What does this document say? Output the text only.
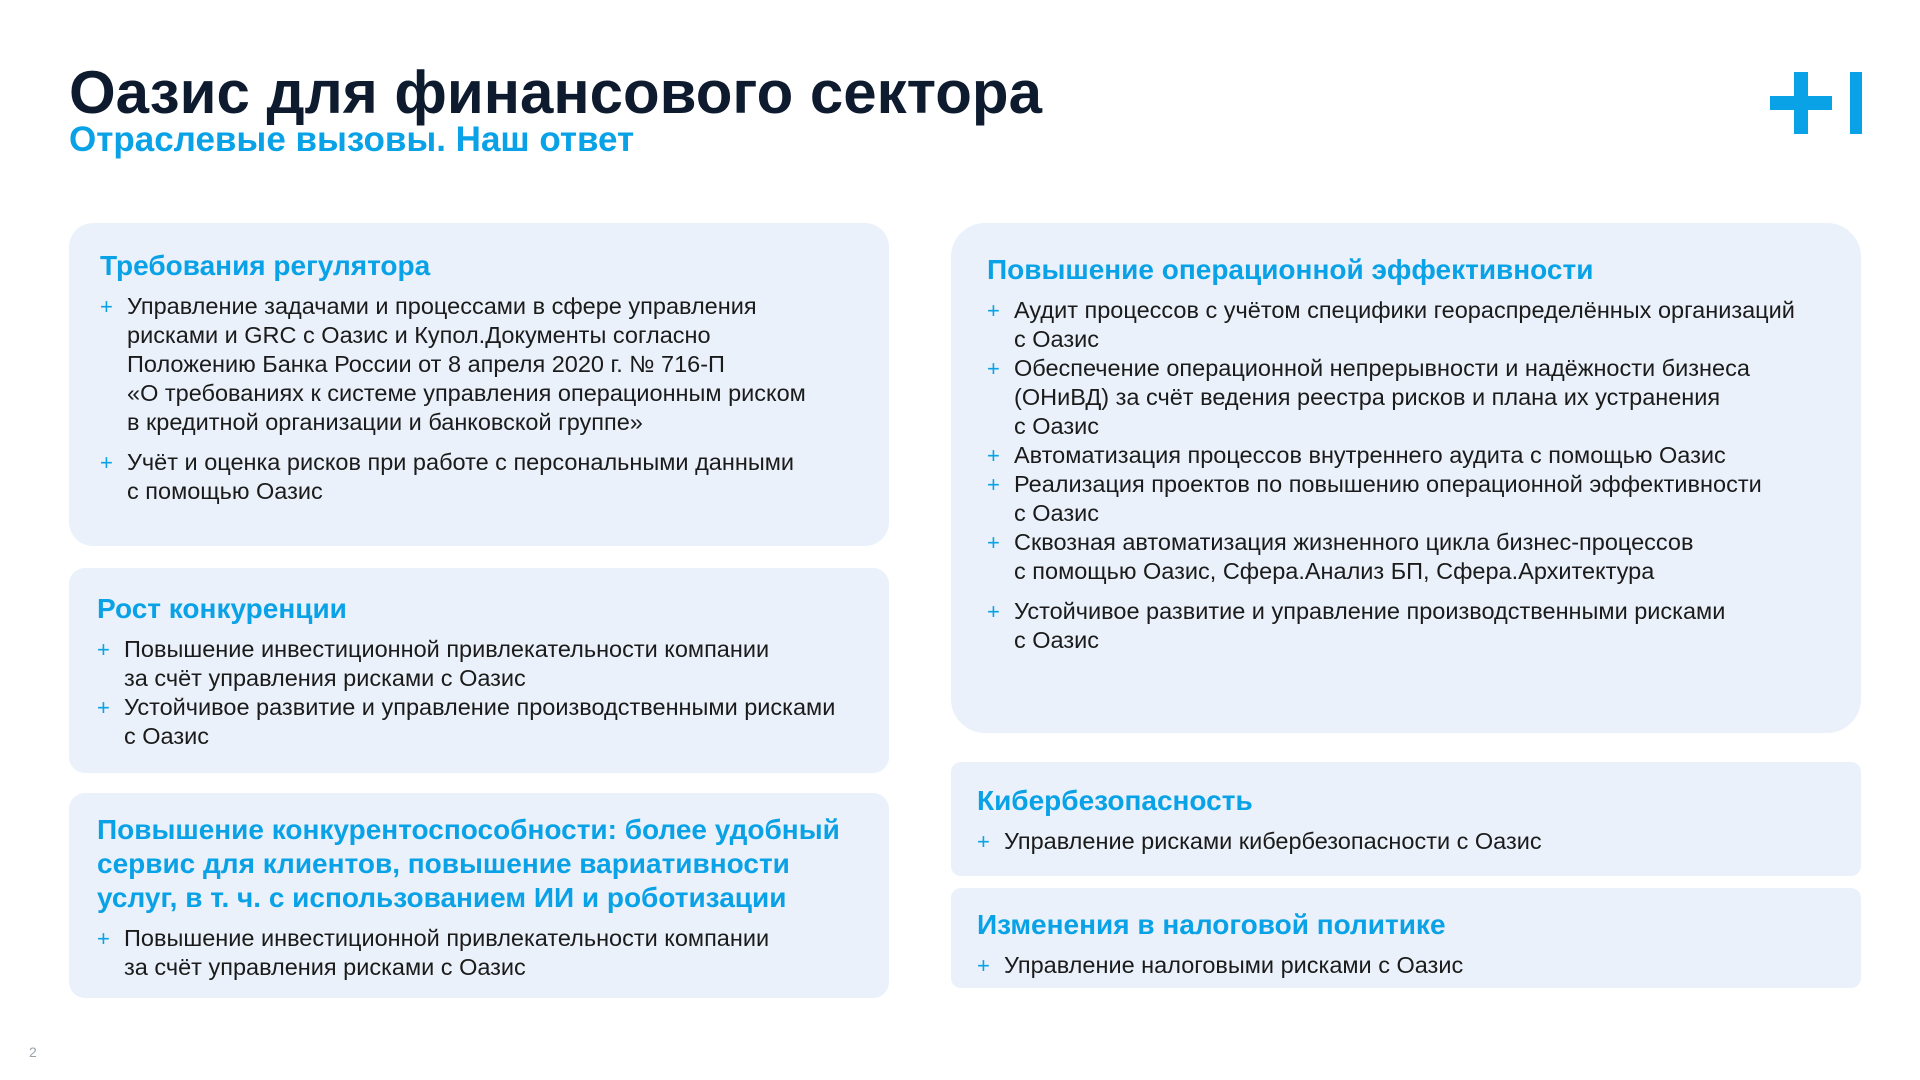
Оазис для финансового сектора
Отраслевые вызовы. Наш ответ
Требования регулятора
+ Управление задачами и процессами в сфере управления
рисками и GRC с Оазис и Купол.Документы согласно
Положению Банка России от 8 апреля 2020 г. № 716-П
«О требованиях к системе управления операционным риском
в кредитной организации и банковской группе»
+ Учёт и оценка рисков при работе с персональными данными
с помощью Оазис
Рост конкуренции
+ Повышение инвестиционной привлекательности компании
за счёт управления рисками с Оазис
+ Устойчивое развитие и управление производственными рисками
с Оазис
Повышение конкурентоспособности: более удобный
сервис для клиентов, повышение вариативности
услуг, в т. ч. с использованием ИИ и роботизации
+ Повышение инвестиционной привлекательности компании
за счёт управления рисками с Оазис
Повышение операционной эффективности
+ Аудит процессов с учётом специфики геораспределённых организаций
с Оазис
+ Обеспечение операционной непрерывности и надёжности бизнеса
(ОНиВД) за счёт ведения реестра рисков и плана их устранения
с Оазис
+ Автоматизация процессов внутреннего аудита с помощью Оазис
+ Реализация проектов по повышению операционной эффективности
с Оазис
+ Сквозная автоматизация жизненного цикла бизнес-процессов
с помощью Оазис, Сфера.Анализ БП, Сфера.Архитектура
+ Устойчивое развитие и управление производственными рисками
с Оазис
Кибербезопасность
+ Управление рисками кибербезопасности с Оазис
Изменения в налоговой политике
+ Управление налоговыми рисками с Оазис
2
